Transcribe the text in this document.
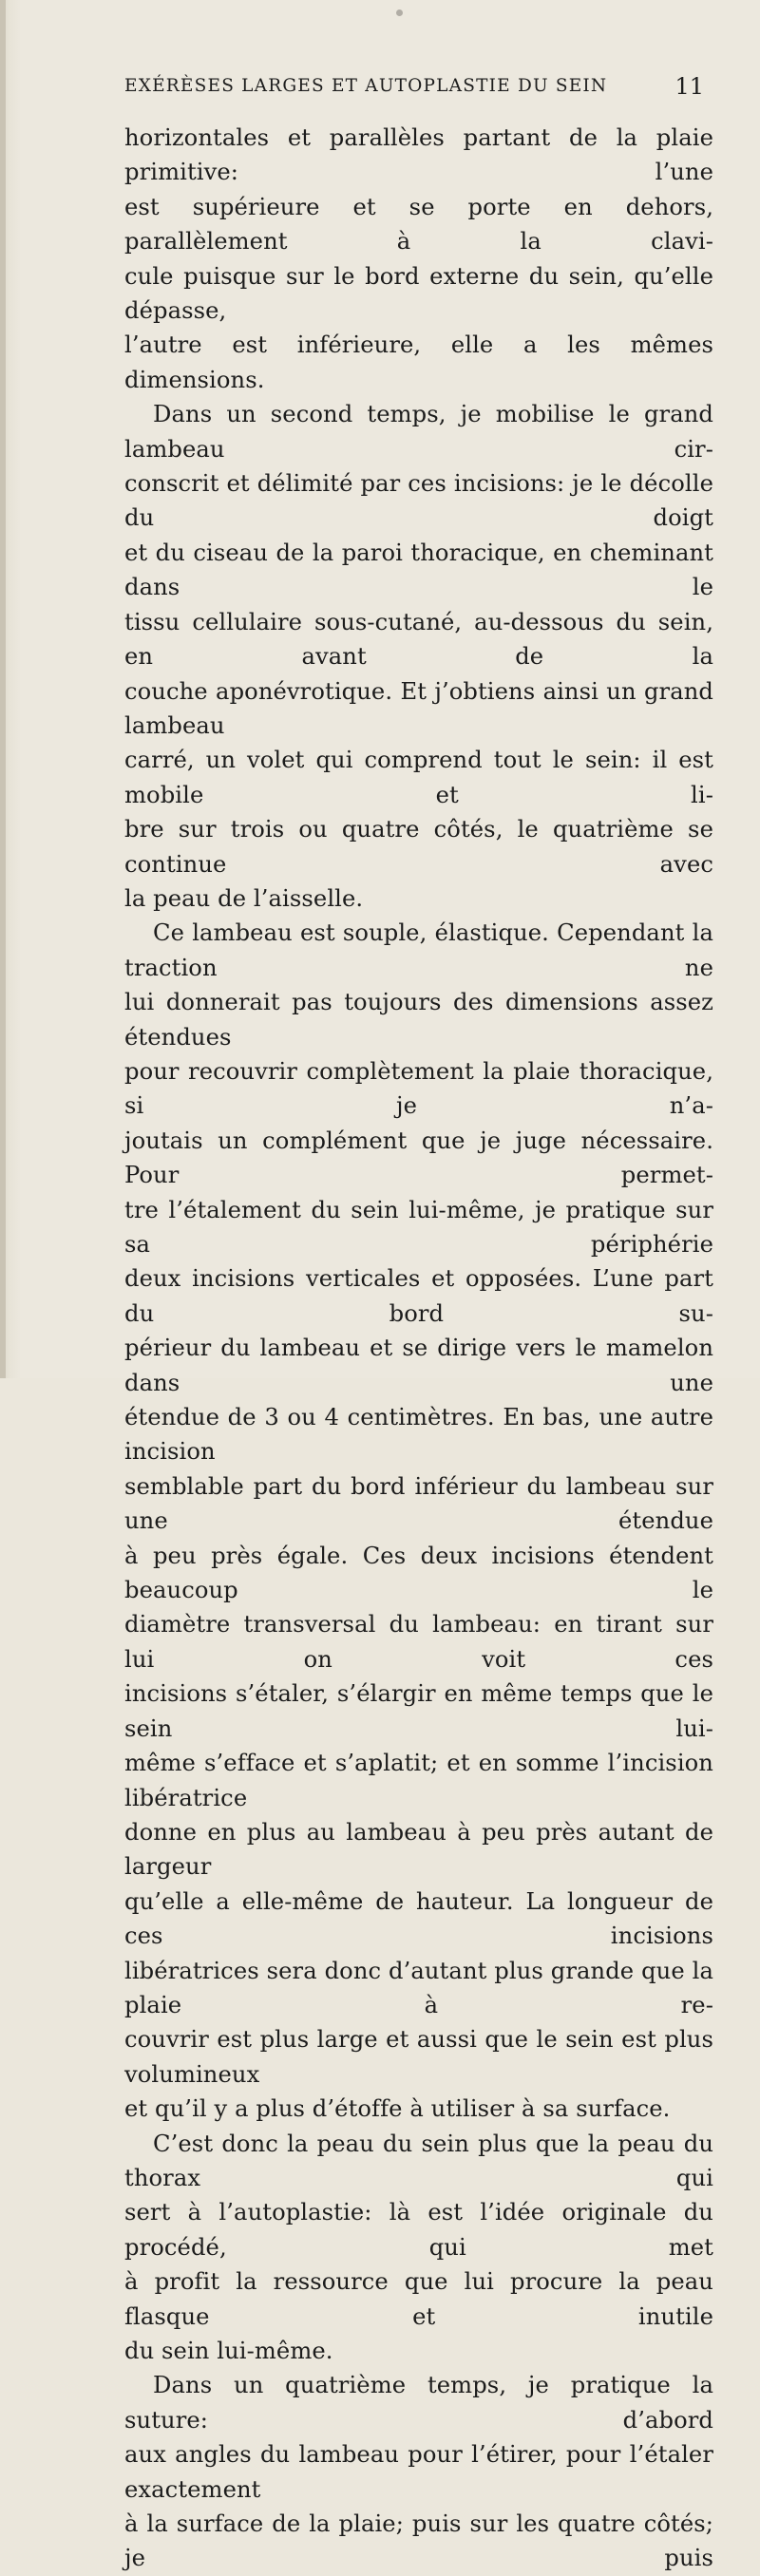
EXÉRÈSES LARGES ET AUTOPLASTIE DU SEIN	11

horizontales et parallèles partant de la plaie primitive: l’une

est supérieure et se porte en dehors, parallèlement à la clavi-

cule puisque sur le bord externe du sein, qu’elle dépasse,

l’autre est inférieure, elle a les mêmes dimensions.

Dans un second temps, je mobilise le grand lambeau cir-

conscrit et délimité par ces incisions: je le décolle du doigt

et du ciseau de la paroi thoracique, en cheminant dans le

tissu cellulaire sous-cutané, au-dessous du sein, en avant de la

couche aponévrotique. Et j’obtiens ainsi un grand lambeau

carré, un volet qui comprend tout le sein: il est mobile et li-

bre sur trois ou quatre côtés, le quatrième se continue avec

la peau de l’aisselle.

Ce lambeau est souple, élastique. Cependant la traction ne

lui donnerait pas toujours des dimensions assez étendues

pour recouvrir complètement la plaie thoracique, si je n’a-

joutais un complément que je juge nécessaire. Pour permet-

tre l’étalement du sein lui-même, je pratique sur sa périphérie

deux incisions verticales et opposées. L’une part du bord su-

périeur du lambeau et se dirige vers le mamelon dans une

étendue de 3 ou 4 centimètres. En bas, une autre incision

semblable part du bord inférieur du lambeau sur une étendue

à peu près égale. Ces deux incisions étendent beaucoup le

diamètre transversal du lambeau: en tirant sur lui on voit ces

incisions s’étaler, s’élargir en même temps que le sein lui-

même s’efface et s’aplatit; et en somme l’incision libératrice

donne en plus au lambeau à peu près autant de largeur

qu’elle a elle-même de hauteur. La longueur de ces incisions

libératrices sera donc d’autant plus grande que la plaie à re-

couvrir est plus large et aussi que le sein est plus volumineux

et qu’il y a plus d’étoffe à utiliser à sa surface.

C’est donc la peau du sein plus que la peau du thorax qui

sert à l’autoplastie: là est l’idée originale du procédé, qui met

à profit la ressource que lui procure la peau flasque et inutile

du sein lui-même.

Dans un quatrième temps, je pratique la suture: d’abord

aux angles du lambeau pour l’étirer, pour l’étaler exactement

à la surface de la plaie; puis sur les quatre côtés; je puis
